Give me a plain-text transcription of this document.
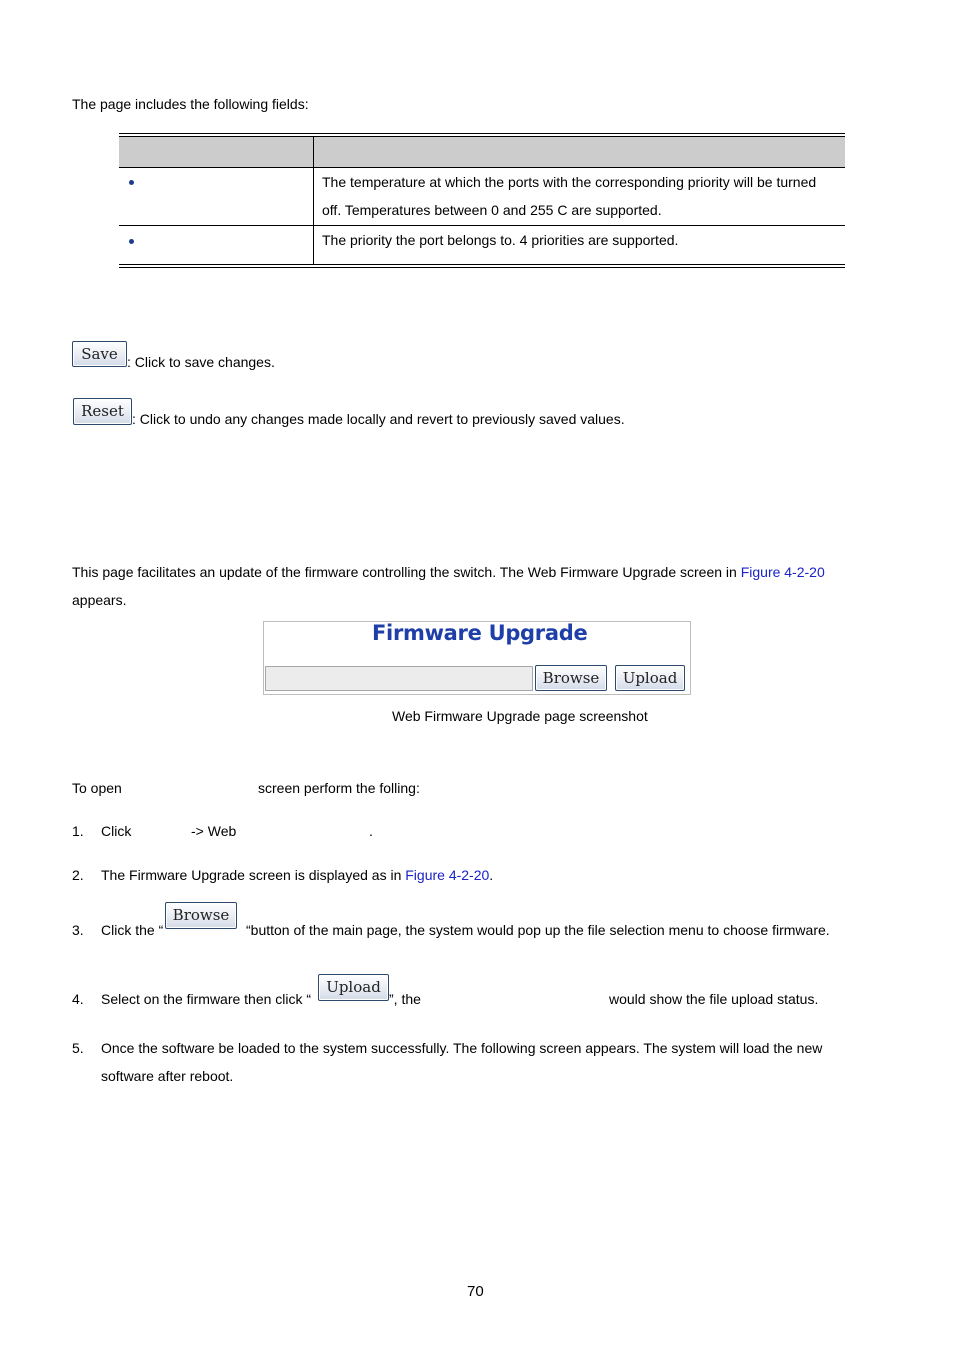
The page includes the following fields:
The temperature at which the ports with the corresponding priority will be turned
off. Temperatures between 0 and 255 C are supported.
The priority the port belongs to. 4 priorities are supported.
Save : Click to save changes.
Reset : Click to undo any changes made locally and revert to previously saved values.
This page facilitates an update of the firmware controlling the switch. The Web Firmware Upgrade screen in Figure 4-2-20
appears.
Firmware Upgrade
Browse	Upload
Web Firmware Upgrade page screenshot
To open	screen perform the folling:
1. Click	-> Web	.
2. The Firmware Upgrade screen is displayed as in Figure 4-2-20.
3. Click the “
Browse
“button of the main page, the system would pop up the file selection menu to choose firmware.
4. Select on the firmware then click “
Upload
”, the	would show the file upload status.
5. Once the software be loaded to the system successfully. The following screen appears. The system will load the new
software after reboot.
70
